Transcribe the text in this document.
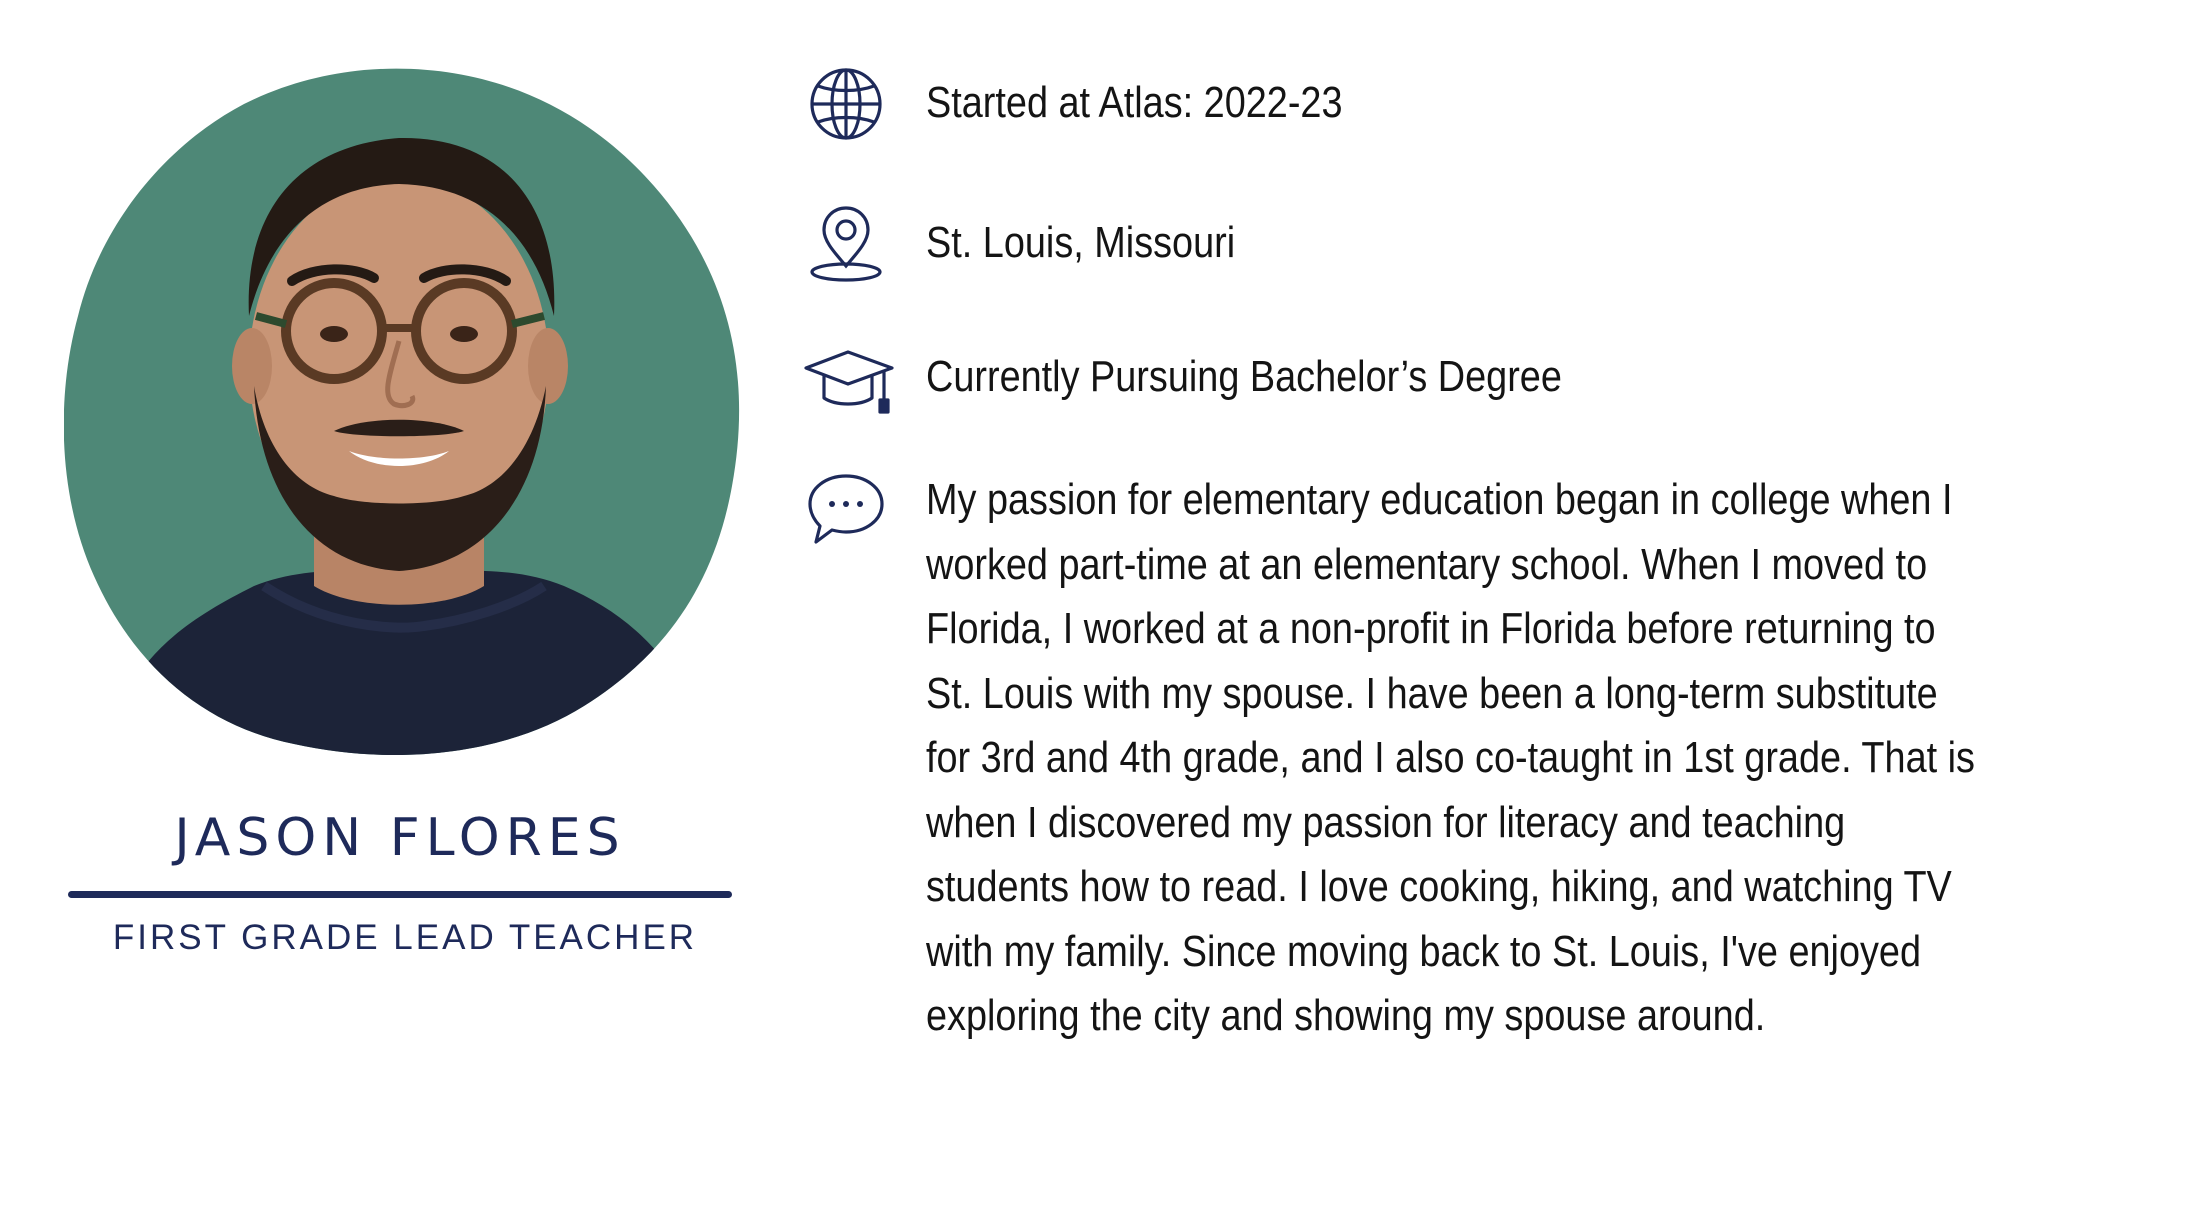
JASON FLORES
FIRST GRADE LEAD TEACHER
Started at Atlas: 2022-23
St. Louis, Missouri
Currently Pursuing Bachelor’s Degree
My passion for elementary education began in college when I
worked part-time at an elementary school. When I moved to
Florida, I worked at a non-profit in Florida before returning to
St. Louis with my spouse. I have been a long-term substitute
for 3rd and 4th grade, and I also co-taught in 1st grade. That is
when I discovered my passion for literacy and teaching
students how to read. I love cooking, hiking, and watching TV
with my family. Since moving back to St. Louis, I've enjoyed
exploring the city and showing my spouse around.
